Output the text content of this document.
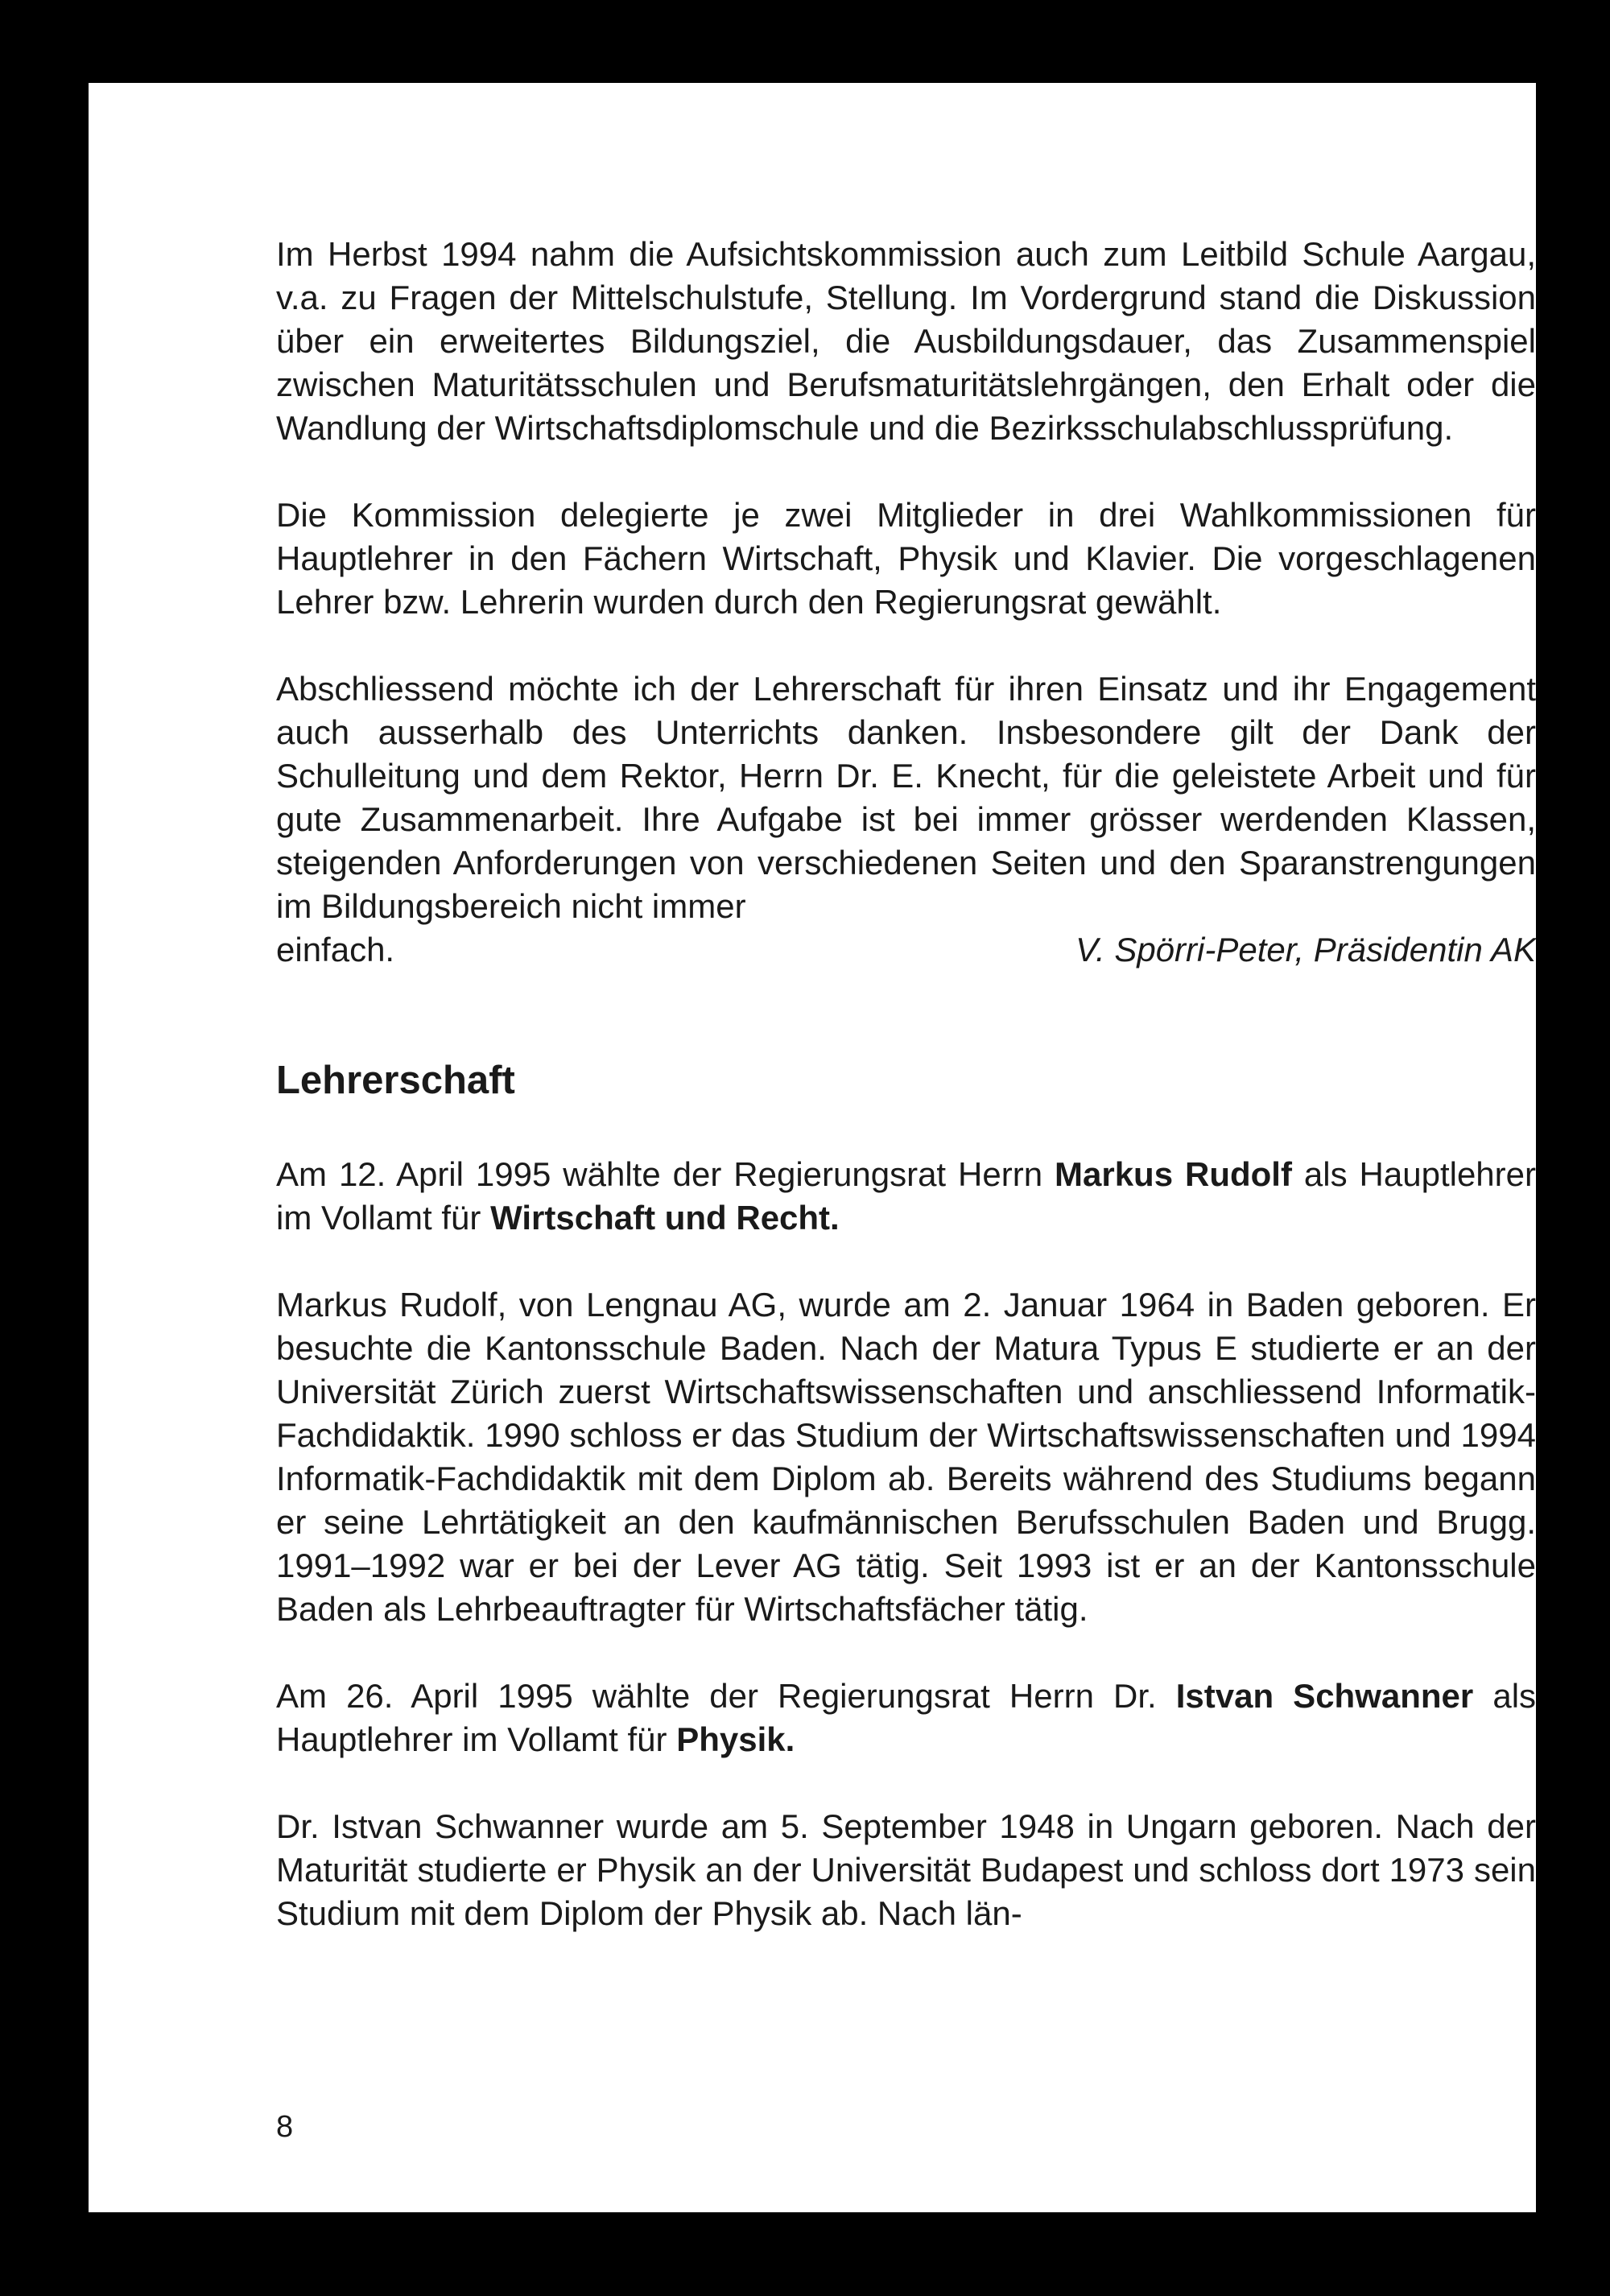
Im Herbst 1994 nahm die Aufsichtskommission auch zum Leitbild Schule Aargau, v.a. zu Fragen der Mittelschulstufe, Stellung. Im Vordergrund stand die Diskussion über ein erweitertes Bildungsziel, die Ausbildungsdauer, das Zusammenspiel zwischen Maturitätsschulen und Berufsmaturitätslehrgängen, den Erhalt oder die Wandlung der Wirtschaftsdiplomschule und die Bezirksschulabschlussprüfung.

Die Kommission delegierte je zwei Mitglieder in drei Wahlkommissionen für Hauptlehrer in den Fächern Wirtschaft, Physik und Klavier. Die vorgeschlagenen Lehrer bzw. Lehrerin wurden durch den Regierungsrat gewählt.

Abschliessend möchte ich der Lehrerschaft für ihren Einsatz und ihr Engagement auch ausserhalb des Unterrichts danken. Insbesondere gilt der Dank der Schulleitung und dem Rektor, Herrn Dr. E. Knecht, für die geleistete Arbeit und für gute Zusammenarbeit. Ihre Aufgabe ist bei immer grösser werdenden Klassen, steigenden Anforderungen von verschiedenen Seiten und den Sparanstrengungen im Bildungsbereich nicht immer

einfach.	V. Spörri-Peter, Präsidentin AK
Lehrerschaft

Am 12. April 1995 wählte der Regierungsrat Herrn Markus Rudolf als Hauptlehrer im Vollamt für Wirtschaft und Recht.

Markus Rudolf, von Lengnau AG, wurde am 2. Januar 1964 in Baden geboren. Er besuchte die Kantonsschule Baden. Nach der Matura Typus E studierte er an der Universität Zürich zuerst Wirtschaftswissenschaften und anschliessend Informatik-Fachdidaktik. 1990 schloss er das Studium der Wirtschaftswissenschaften und 1994 Informatik-Fachdidaktik mit dem Diplom ab. Bereits während des Studiums begann er seine Lehrtätigkeit an den kaufmännischen Berufsschulen Baden und Brugg. 1991–1992 war er bei der Lever AG tätig. Seit 1993 ist er an der Kantonsschule Baden als Lehrbeauftragter für Wirtschaftsfächer tätig.

Am 26. April 1995 wählte der Regierungsrat Herrn Dr. Istvan Schwanner als Hauptlehrer im Vollamt für Physik.

Dr. Istvan Schwanner wurde am 5. September 1948 in Ungarn geboren. Nach der Maturität studierte er Physik an der Universität Budapest und schloss dort 1973 sein Studium mit dem Diplom der Physik ab. Nach län-

8
